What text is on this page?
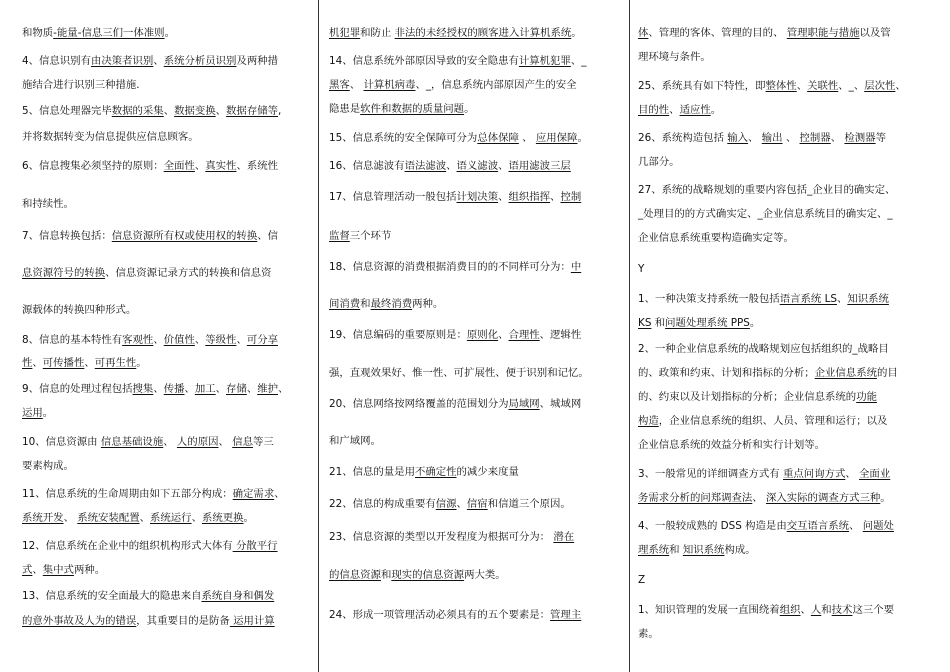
和物质-能量-信息三们一体准则。
4、信息识别有由决策者识别、系统分析员识别及两种措
施结合进行识别三种措施.
5、信息处理器完毕数据的采集、数据变换、数据存储等,
并将数据转变为信息提供应信息顾客。
6、信息搜集必须坚持的原则：全面性、真实性、系统性
和持续性。
7、信息转换包括：信息资源所有权或使用权的转换、信
息资源符号的转换、信息资源记录方式的转换和信息资
源载体的转换四种形式。
8、信息的基本特性有客观性、价值性、等级性、可分享
性、可传播性、可再生性。
9、信息的处理过程包括搜集、传播、加工、存储、维护、
运用。
10、信息资源由 信息基础设施、 人的原因、 信息等三
要素构成。
11、信息系统的生命周期由如下五部分构成：确定需求、
系统开发、 系统安装配置、系统运行、系统更换。
12、信息系统在企业中的组织机构形式大体有 分散平行
式、集中式两种。
13、信息系统的安全面最大的隐患来自系统自身和偶发
的意外事故及人为的错误，其重要目的是防备 运用计算
机犯罪和防止 非法的未经授权的顾客进入计算机系统。
14、信息系统外部原因导致的安全隐患有计算机犯罪、_
黑客、 计算机病毒、_，信息系统内部原因产生的安全
隐患是软件和数据的质量问题。
15、信息系统的安全保障可分为总体保障 、 应用保障。
16、信息滤波有语法滤波、语义滤波、语用滤波三层
17、信息管理活动一般包括计划决策、组织指挥、控制
监督三个环节
18、信息资源的消费根据消费目的的不同样可分为：中
间消费和最终消费两种。
19、信息编码的重要原则是：原则化、合理性、逻辑性
强，直观效果好、惟一性、可扩展性、便于识别和记忆。
20、信息网络按网络覆盖的范围划分为局域网、城域网
和广域网。
21、信息的量是用不确定性的减少来度量
22、信息的构成重要有信源、信宿和信道三个原因。
23、信息资源的类型以开发程度为根据可分为： 潜在
的信息资源和现实的信息资源两大类。
24、形成一项管理活动必须具有的五个要素是：管理主
体、管理的客体、管理的目的、 管理职能与措施以及管
理环境与条件。
25、系统具有如下特性，即整体性、关联性、_、层次性、
目的性、适应性。
26、系统构造包括 输入、 输出 、 控制器、 检测器等
几部分。
27、系统的战略规划的重要内容包括_企业目的确实定、
_处理目的的方式确实定、_企业信息系统目的确实定、_
企业信息系统重要构造确实定等。
Y
1、一种决策支持系统一般包括语言系统 LS、知识系统
KS 和问题处理系统 PPS。
2、一种企业信息系统的战略规划应包括组织的_战略目
的、政策和约束、计划和指标的分析；企业信息系统的目
的、约束以及计划指标的分析；企业信息系统的功能
构造，企业信息系统的组织、人员、管理和运行；以及
企业信息系统的效益分析和实行计划等。
3、一般常见的详细调查方式有 重点问询方式、 全面业
务需求分析的问郑调查法、 深入实际的调查方式三种。
4、一般较成熟的 DSS 构造是由交互语言系统、 问题处
理系统和 知识系统构成。
Z
1、知识管理的发展一直围绕着组织、人和技术这三个要
素。
